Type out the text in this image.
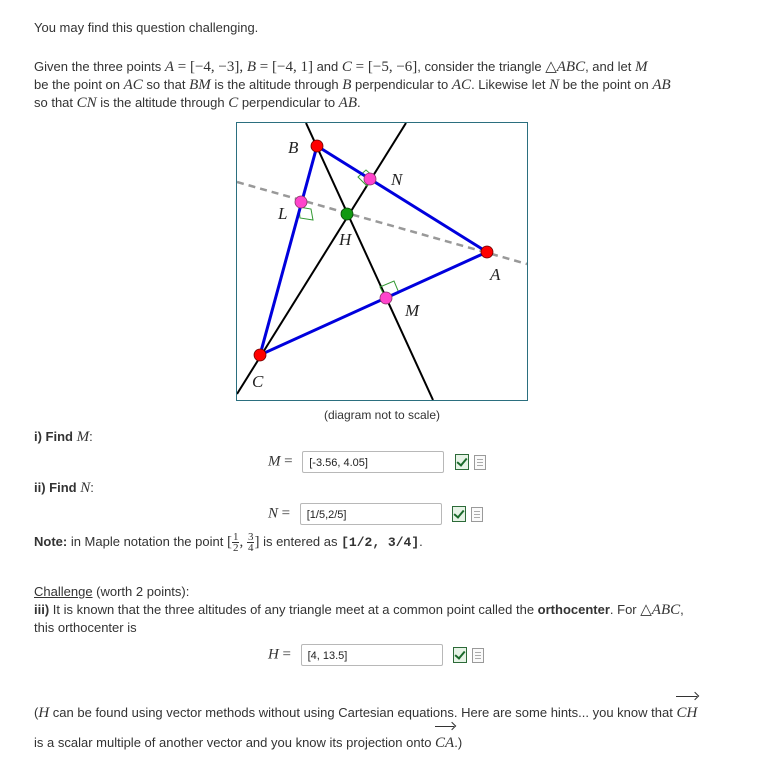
You may find this question challenging.
Given the three points A = [−4, −3], B = [−4, 1] and C = [−5, −6], consider the triangle △ABC, and let M
be the point on AC so that BM is the altitude through B perpendicular to AC. Likewise let N be the point on AB
so that CN is the altitude through C perpendicular to AB.
B
N
L
H
A
M
C
(diagram not to scale)
i) Find M:
M = [-3.56, 4.05]
ii) Find N:
N = [1/5,2/5]
Note: in Maple notation the point [ $\frac{1}{2}$ , $\frac{3}{4}$ ] is entered as [1/2, 3/4].
Challenge (worth 2 points):
iii) It is known that the three altitudes of any triangle meet at a common point called the orthocenter. For △ABC,
this orthocenter is
H = [4, 13.5]
(H can be found using vector methods without using Cartesian equations. Here are some hints... you know that CH
is a scalar multiple of another vector and you know its projection onto CA.)
